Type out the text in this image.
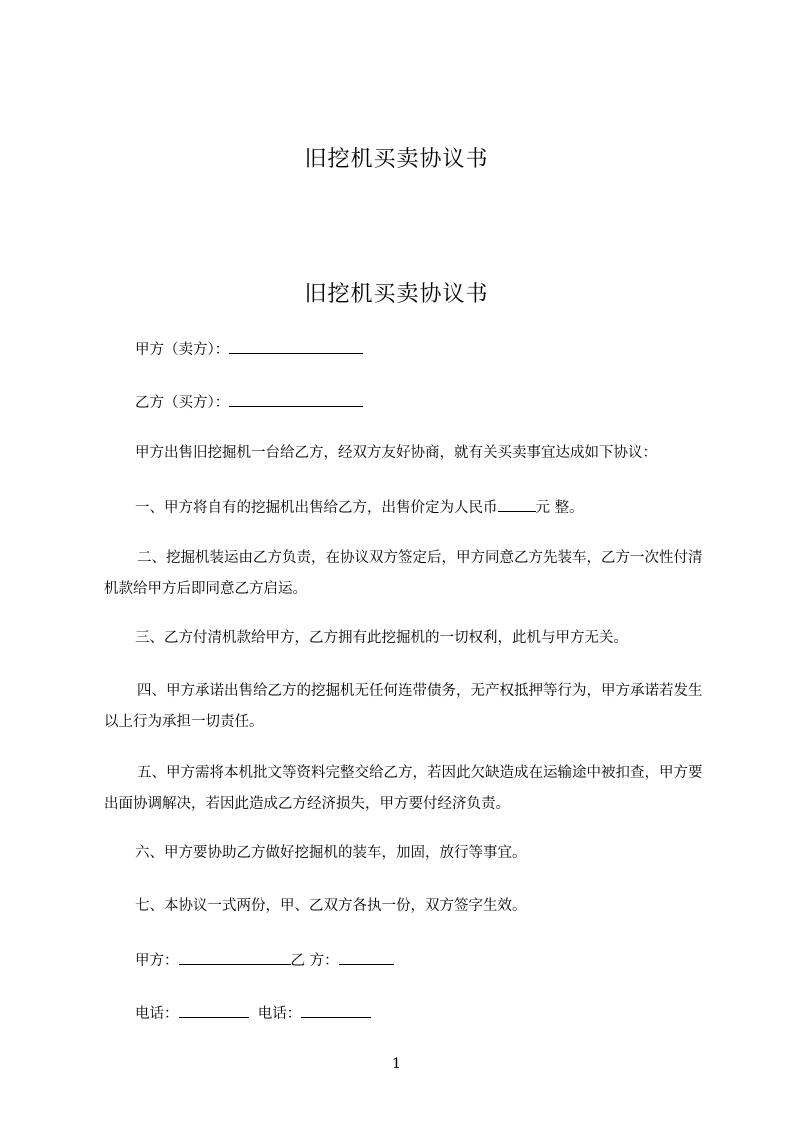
旧挖机买卖协议书
旧挖机买卖协议书

甲方（卖方）：

乙方（买方）：

甲方出售旧挖掘机一台给乙方，经双方友好协商，就有关买卖事宜达成如下协议：

一、甲方将自有的挖掘机出售给乙方，出售价定为人民币	元 整。

二、挖掘机装运由乙方负责，在协议双方签定后，甲方同意乙方先装车，乙方一次性付清机款给甲方后即同意乙方启运。

三、乙方付清机款给甲方，乙方拥有此挖掘机的一切权利，此机与甲方无关。

四、甲方承诺出售给乙方的挖掘机无任何连带债务，无产权抵押等行为，甲方承诺若发生以上行为承担一切责任。

五、甲方需将本机批文等资料完整交给乙方，若因此欠缺造成在运输途中被扣查，甲方要出面协调解决，若因此造成乙方经济损失，甲方要付经济负责。

六、甲方要协助乙方做好挖掘机的装车，加固，放行等事宜。

七、本协议一式两份，甲、乙双方各执一份，双方签字生效。

甲方：	乙 方：

电话：	电话：

1
